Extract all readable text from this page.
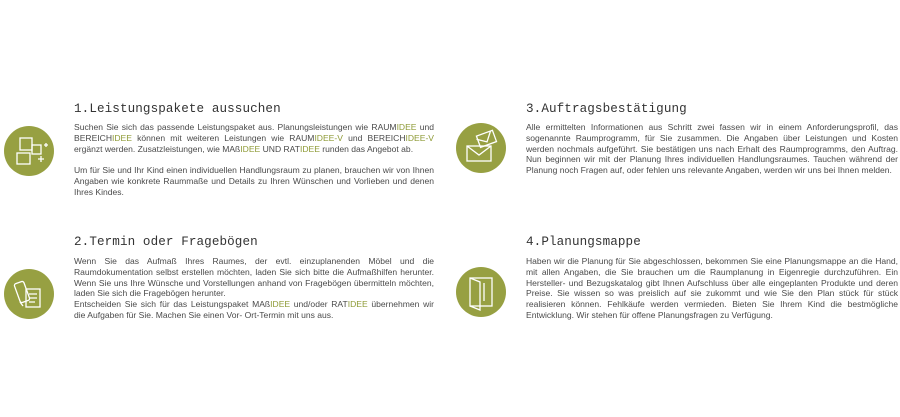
1.Leistungspakete aussuchen

Suchen Sie sich das passende Leistungspaket aus. Planungsleistungen wie RAUMIDEE und BEREICHIDEE können mit weiteren Leistungen wie RAUMIDEE-V und BEREICHIDEE-V ergänzt werden. Zusatzleistungen, wie MAßIDEE UND RATIDEE runden das Angebot ab.
Um für Sie und Ihr Kind einen individuellen Handlungsraum zu planen, brauchen wir von Ihnen Angaben wie konkrete Raummaße und Details zu Ihren Wünschen und Vorlieben und denen Ihres Kindes.

2.Termin oder Fragebögen

Wenn Sie das Aufmaß Ihres Raumes, der evtl. einzuplanenden Möbel und die Raumdokumentation selbst erstellen möchten, laden Sie sich bitte die Aufmaßhilfen herunter. Wenn Sie uns Ihre Wünsche und Vorstellungen anhand von Fragebögen übermitteln möchten, laden Sie sich die Fragebögen herunter.
Entscheiden Sie sich für das Leistungspaket MAßIDEE und/oder RATIDEE übernehmen wir die Aufgaben für Sie. Machen Sie einen Vor- Ort-Termin mit uns aus.

3.Auftragsbestätigung

Alle ermittelten Informationen aus Schritt zwei fassen wir in einem Anforderungsprofil, das sogenannte Raumprogramm, für Sie zusammen. Die Angaben über Leistungen und Kosten werden nochmals aufgeführt. Sie bestätigen uns nach Erhalt des Raumprogramms, den Auftrag. Nun beginnen wir mit der Planung Ihres individuellen Handlungsraumes. Tauchen während der Planung noch Fragen auf, oder fehlen uns relevante Angaben, werden wir uns bei Ihnen melden.

4.Planungsmappe

Haben wir die Planung für Sie abgeschlossen, bekommen Sie eine Planungsmappe an die Hand, mit allen Angaben, die Sie brauchen um die Raumplanung in Eigenregie durchzuführen. Ein Hersteller- und Bezugskatalog gibt Ihnen Aufschluss über alle eingeplanten Produkte und deren Preise. Sie wissen so was preislich auf sie zukommt und wie Sie den Plan stück für stück realisieren können. Fehlkäufe werden vermieden. Bieten Sie Ihrem Kind die bestmögliche Entwicklung. Wir stehen für offene Planungsfragen zu Verfügung.
